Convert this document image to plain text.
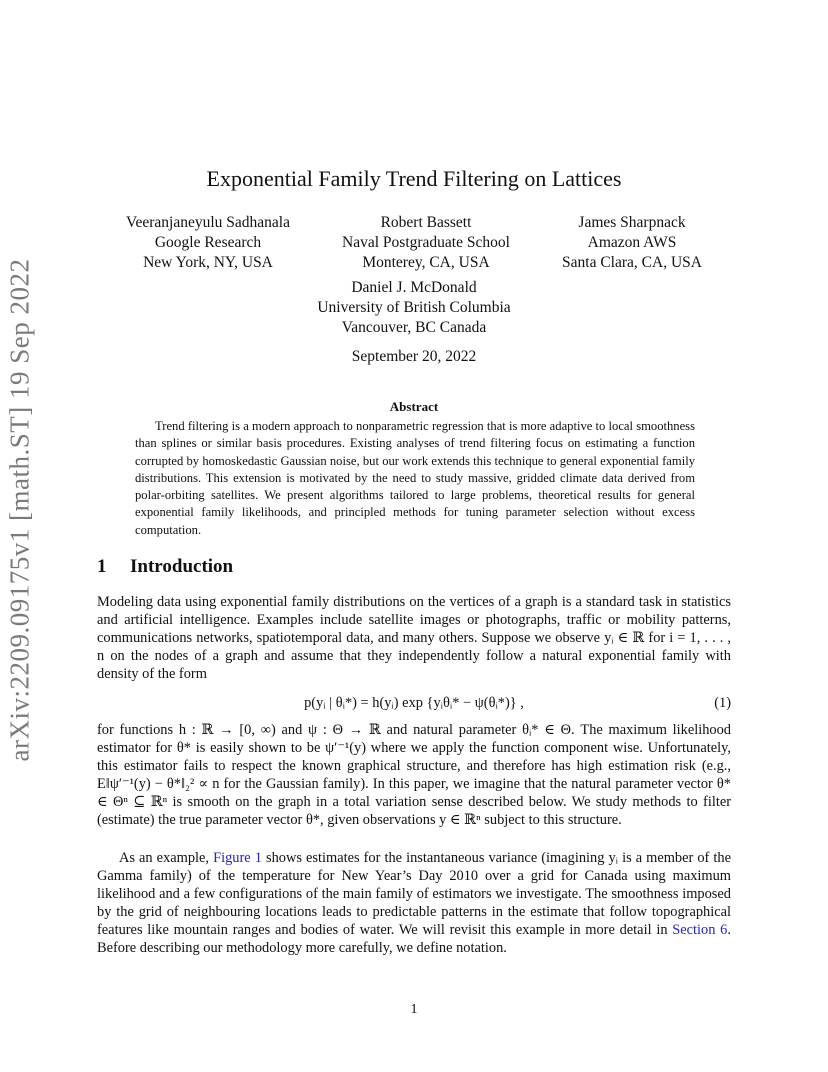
arXiv:2209.09175v1 [math.ST] 19 Sep 2022
Exponential Family Trend Filtering on Lattices
Veeranjaneyulu Sadhanala
Google Research
New York, NY, USA
Robert Bassett
Naval Postgraduate School
Monterey, CA, USA
James Sharpnack
Amazon AWS
Santa Clara, CA, USA
Daniel J. McDonald
University of British Columbia
Vancouver, BC Canada
September 20, 2022
Abstract
Trend filtering is a modern approach to nonparametric regression that is more adaptive to local smoothness than splines or similar basis procedures. Existing analyses of trend filtering focus on estimating a function corrupted by homoskedastic Gaussian noise, but our work extends this technique to general exponential family distributions. This extension is motivated by the need to study massive, gridded climate data derived from polar-orbiting satellites. We present algorithms tailored to large problems, theoretical results for general exponential family likelihoods, and principled methods for tuning parameter selection without excess computation.
1 Introduction
Modeling data using exponential family distributions on the vertices of a graph is a standard task in statistics and artificial intelligence. Examples include satellite images or photographs, traffic or mobility patterns, communications networks, spatiotemporal data, and many others. Suppose we observe yᵢ ∈ ℝ for i = 1, . . . , n on the nodes of a graph and assume that they independently follow a natural exponential family with density of the form
p(yᵢ | θᵢ*) = h(yᵢ) exp {yᵢθᵢ* − ψ(θᵢ*)} ,	(1)
for functions h : ℝ → [0, ∞) and ψ : Θ → ℝ and natural parameter θᵢ* ∈ Θ. The maximum likelihood estimator for θ* is easily shown to be ψ′⁻¹(y) where we apply the function component wise. Unfortunately, this estimator fails to respect the known graphical structure, and therefore has high estimation risk (e.g., E‖ψ′⁻¹(y) − θ*‖₂² ∝ n for the Gaussian family). In this paper, we imagine that the natural parameter vector θ* ∈ Θⁿ ⊆ ℝⁿ is smooth on the graph in a total variation sense described below. We study methods to filter (estimate) the true parameter vector θ*, given observations y ∈ ℝⁿ subject to this structure.
As an example, Figure 1 shows estimates for the instantaneous variance (imagining yᵢ is a member of the Gamma family) of the temperature for New Year’s Day 2010 over a grid for Canada using maximum likelihood and a few configurations of the main family of estimators we investigate. The smoothness imposed by the grid of neighbouring locations leads to predictable patterns in the estimate that follow topographical features like mountain ranges and bodies of water. We will revisit this example in more detail in Section 6. Before describing our methodology more carefully, we define notation.
1
